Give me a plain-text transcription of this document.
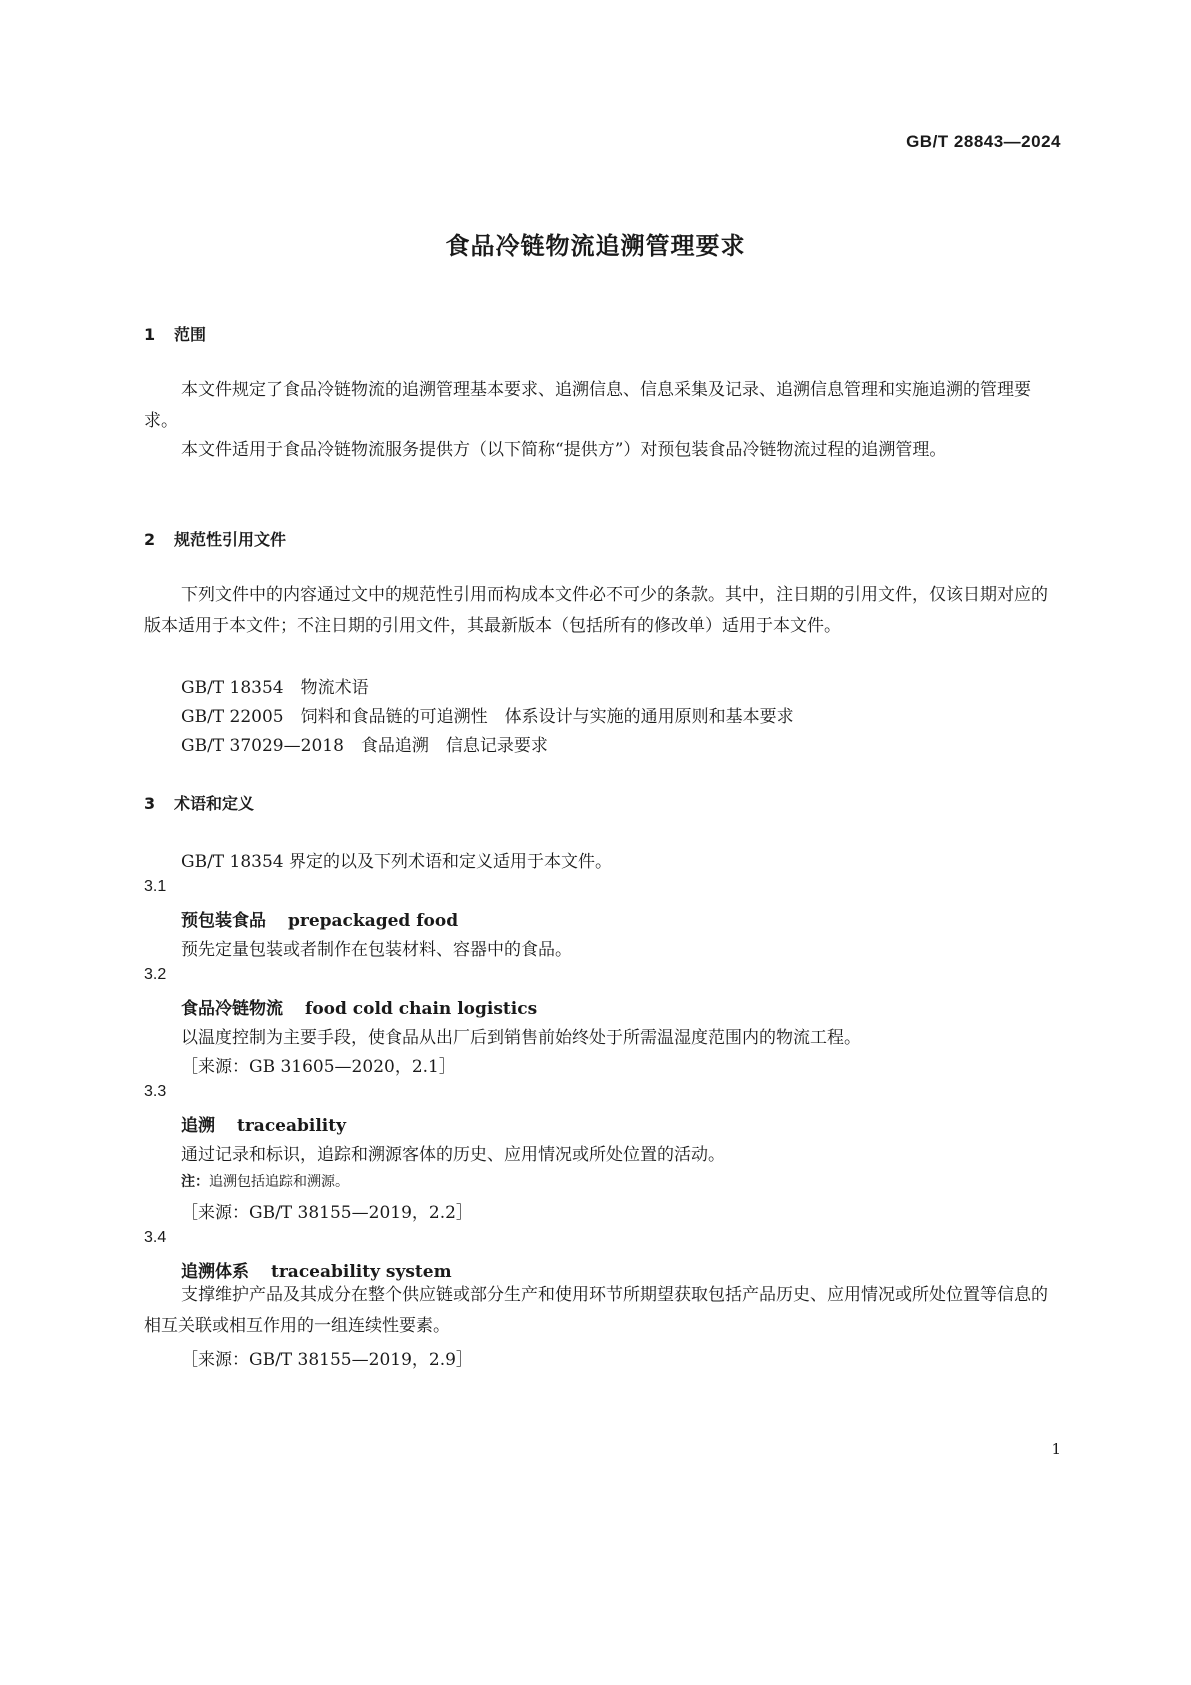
GB/T 28843—2024
食品冷链物流追溯管理要求
1 范围
本文件规定了食品冷链物流的追溯管理基本要求、追溯信息、信息采集及记录、追溯信息管理和实施追溯的管理要求。
本文件适用于食品冷链物流服务提供方（以下简称“提供方”）对预包装食品冷链物流过程的追溯管理。
2 规范性引用文件
下列文件中的内容通过文中的规范性引用而构成本文件必不可少的条款。其中，注日期的引用文件，仅该日期对应的版本适用于本文件；不注日期的引用文件，其最新版本（包括所有的修改单）适用于本文件。
GB/T 18354　物流术语
GB/T 22005　饲料和食品链的可追溯性　体系设计与实施的通用原则和基本要求
GB/T 37029—2018　食品追溯　信息记录要求
3 术语和定义
GB/T 18354 界定的以及下列术语和定义适用于本文件。
3.1
预包装食品 prepackaged food
预先定量包装或者制作在包装材料、容器中的食品。
3.2
食品冷链物流 food cold chain logistics
以温度控制为主要手段，使食品从出厂后到销售前始终处于所需温湿度范围内的物流工程。
［来源：GB 31605—2020，2.1］
3.3
追溯 traceability
通过记录和标识，追踪和溯源客体的历史、应用情况或所处位置的活动。
注：追溯包括追踪和溯源。
［来源：GB/T 38155—2019，2.2］
3.4
追溯体系 traceability system
支撑维护产品及其成分在整个供应链或部分生产和使用环节所期望获取包括产品历史、应用情况或所处位置等信息的相互关联或相互作用的一组连续性要素。
［来源：GB/T 38155—2019，2.9］
1
